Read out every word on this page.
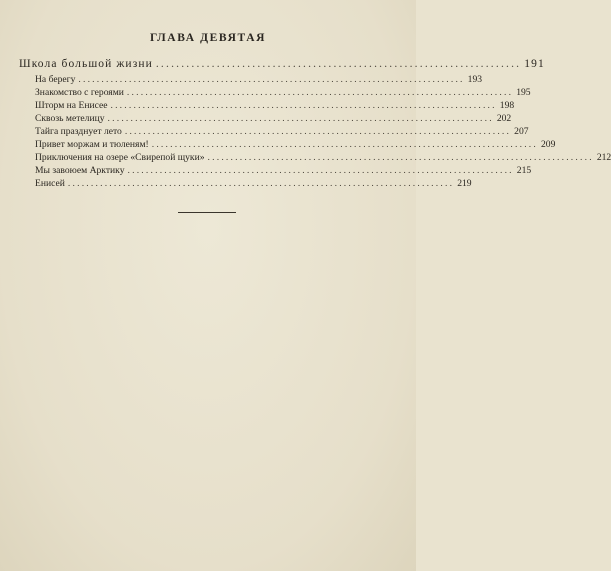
ГЛАВА ДЕВЯТАЯ
Школа большой жизни ........................................................................ 191
На берегу .................................................................................... 193
Знакомство с героями .................................................................................... 195
Шторм на Енисее .................................................................................... 198
Сквозь метелицу .................................................................................... 202
Тайга празднует лето .................................................................................... 207
Привет моржам и тюленям! .................................................................................... 209
Приключения на озере «Свирепой щуки» .................................................................................... 212
Мы завоюем Арктику .................................................................................... 215
Енисей .................................................................................... 219
